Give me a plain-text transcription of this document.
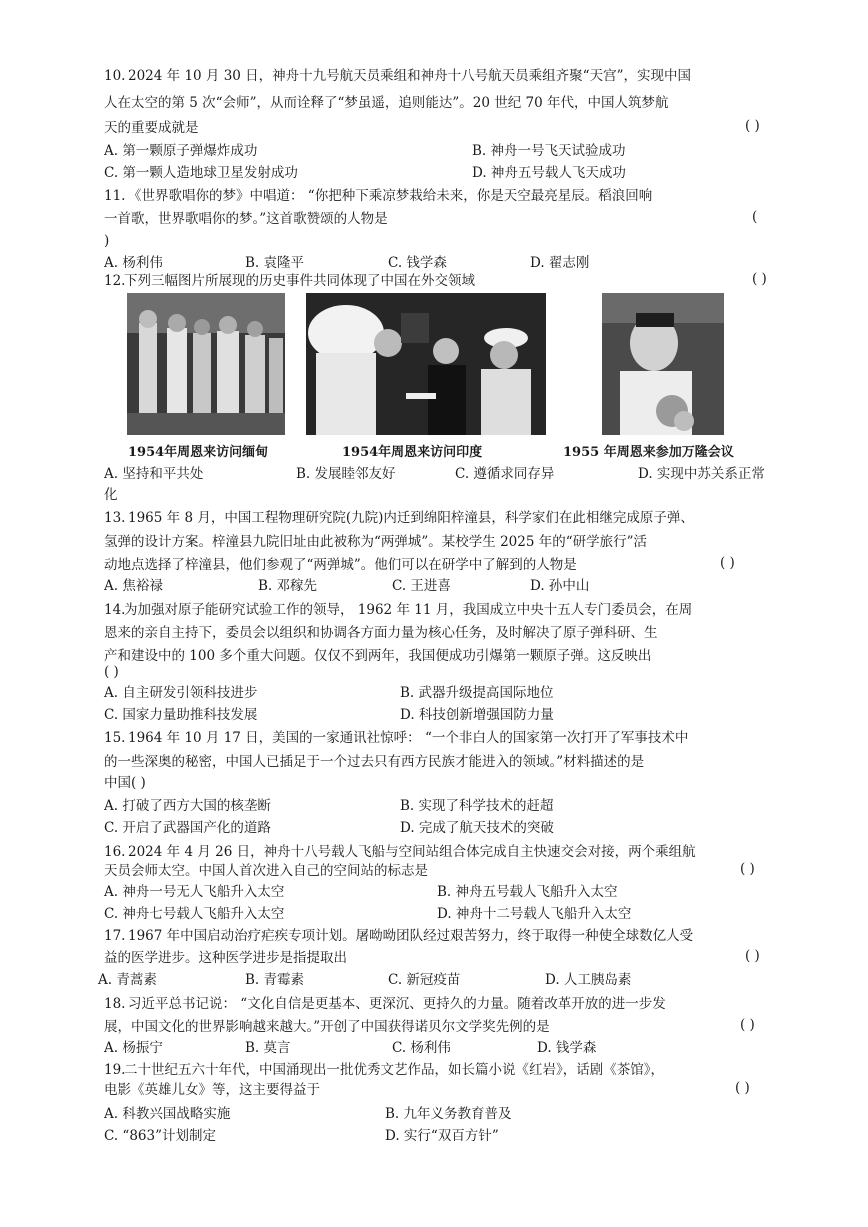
10. 2024 年 10 月 30 日，神舟十九号航天员乘组和神舟十八号航天员乘组齐聚“天宫”，实现中国
人在太空的第 5 次“会师”，从而诠释了“梦虽遥，追则能达”。20 世纪 70 年代，中国人筑梦航
天的重要成就是	( )
A. 第一颗原子弹爆炸成功	B. 神舟一号飞天试验成功
C. 第一颗人造地球卫星发射成功	D. 神舟五号载人飞天成功
11. 《世界歌唱你的梦》中唱道： “你把种下乘凉梦栽给未来，你是天空最亮星辰。稻浪回响
一首歌，世界歌唱你的梦。”这首歌赞颂的人物是	(
)
A. 杨利伟	B. 袁隆平	C. 钱学森	D. 翟志刚
12.
下列三幅图片所展现的历史事件共同体现了中国在外交领域	( )
1954年周恩来访问缅甸	1954年周恩来访问印度	1955 年周恩来参加万隆会议
A. 坚持和平共处	B. 发展睦邻友好	C. 遵循求同存异	D. 实现中苏关系正常
化
13. 1965 年 8 月，中国工程物理研究院(九院)内迁到绵阳梓潼县，科学家们在此相继完成原子弹、
氢弹的设计方案。梓潼县九院旧址由此被称为“两弹城”。某校学生 2025 年的“研学旅行”活
动地点选择了梓潼县，他们参观了“两弹城”。他们可以在研学中了解到的人物是	( )
A. 焦裕禄	B. 邓稼先	C. 王进喜	D. 孙中山
14.
为加强对原子能研究试验工作的领导， 1962 年 11 月，我国成立中央十五人专门委员会，在周
恩来的亲自主持下，委员会以组织和协调各方面力量为核心任务，及时解决了原子弹科研、生
产和建设中的 100 多个重大问题。仅仅不到两年，我国便成功引爆第一颗原子弹。这反映出
( )
A. 自主研发引领科技进步	B. 武器升级提高国际地位
C. 国家力量助推科技发展	D. 科技创新增强国防力量
15. 1964 年 10 月 17 日，美国的一家通讯社惊呼： “一个非白人的国家第一次打开了军事技术中
的一些深奥的秘密，中国人已插足于一个过去只有西方民族才能进入的领域。”材料描述的是
中国( )
A. 打破了西方大国的核垄断	B. 实现了科学技术的赶超
C. 开启了武器国产化的道路	D. 完成了航天技术的突破
16. 2024 年 4 月 26 日，神舟十八号载人飞船与空间站组合体完成自主快速交会对接，两个乘组航
天员会师太空。中国人首次进入自己的空间站的标志是	( )
A. 神舟一号无人飞船升入太空	B. 神舟五号载人飞船升入太空
C. 神舟七号载人飞船升入太空	D. 神舟十二号载人飞船升入太空
17. 1967 年中国启动治疗疟疾专项计划。屠呦呦团队经过艰苦努力，终于取得一种使全球数亿人受
益的医学进步。这种医学进步是指提取出	( )
A. 青蒿素	B. 青霉素	C. 新冠疫苗	D. 人工胰岛素
18. 习近平总书记说： “文化自信是更基本、更深沉、更持久的力量。随着改革开放的进一步发
展，中国文化的世界影响越来越大。”开创了中国获得诺贝尔文学奖先例的是	( )
A. 杨振宁	B. 莫言	C. 杨利伟	D. 钱学森
19.
二十世纪五六十年代，中国涌现出一批优秀文艺作品，如长篇小说《红岩》，话剧《茶馆》，
电影《英雄儿女》等，这主要得益于	( )
A. 科教兴国战略实施	B. 九年义务教育普及
C. “863”计划制定	D. 实行“双百方针”
